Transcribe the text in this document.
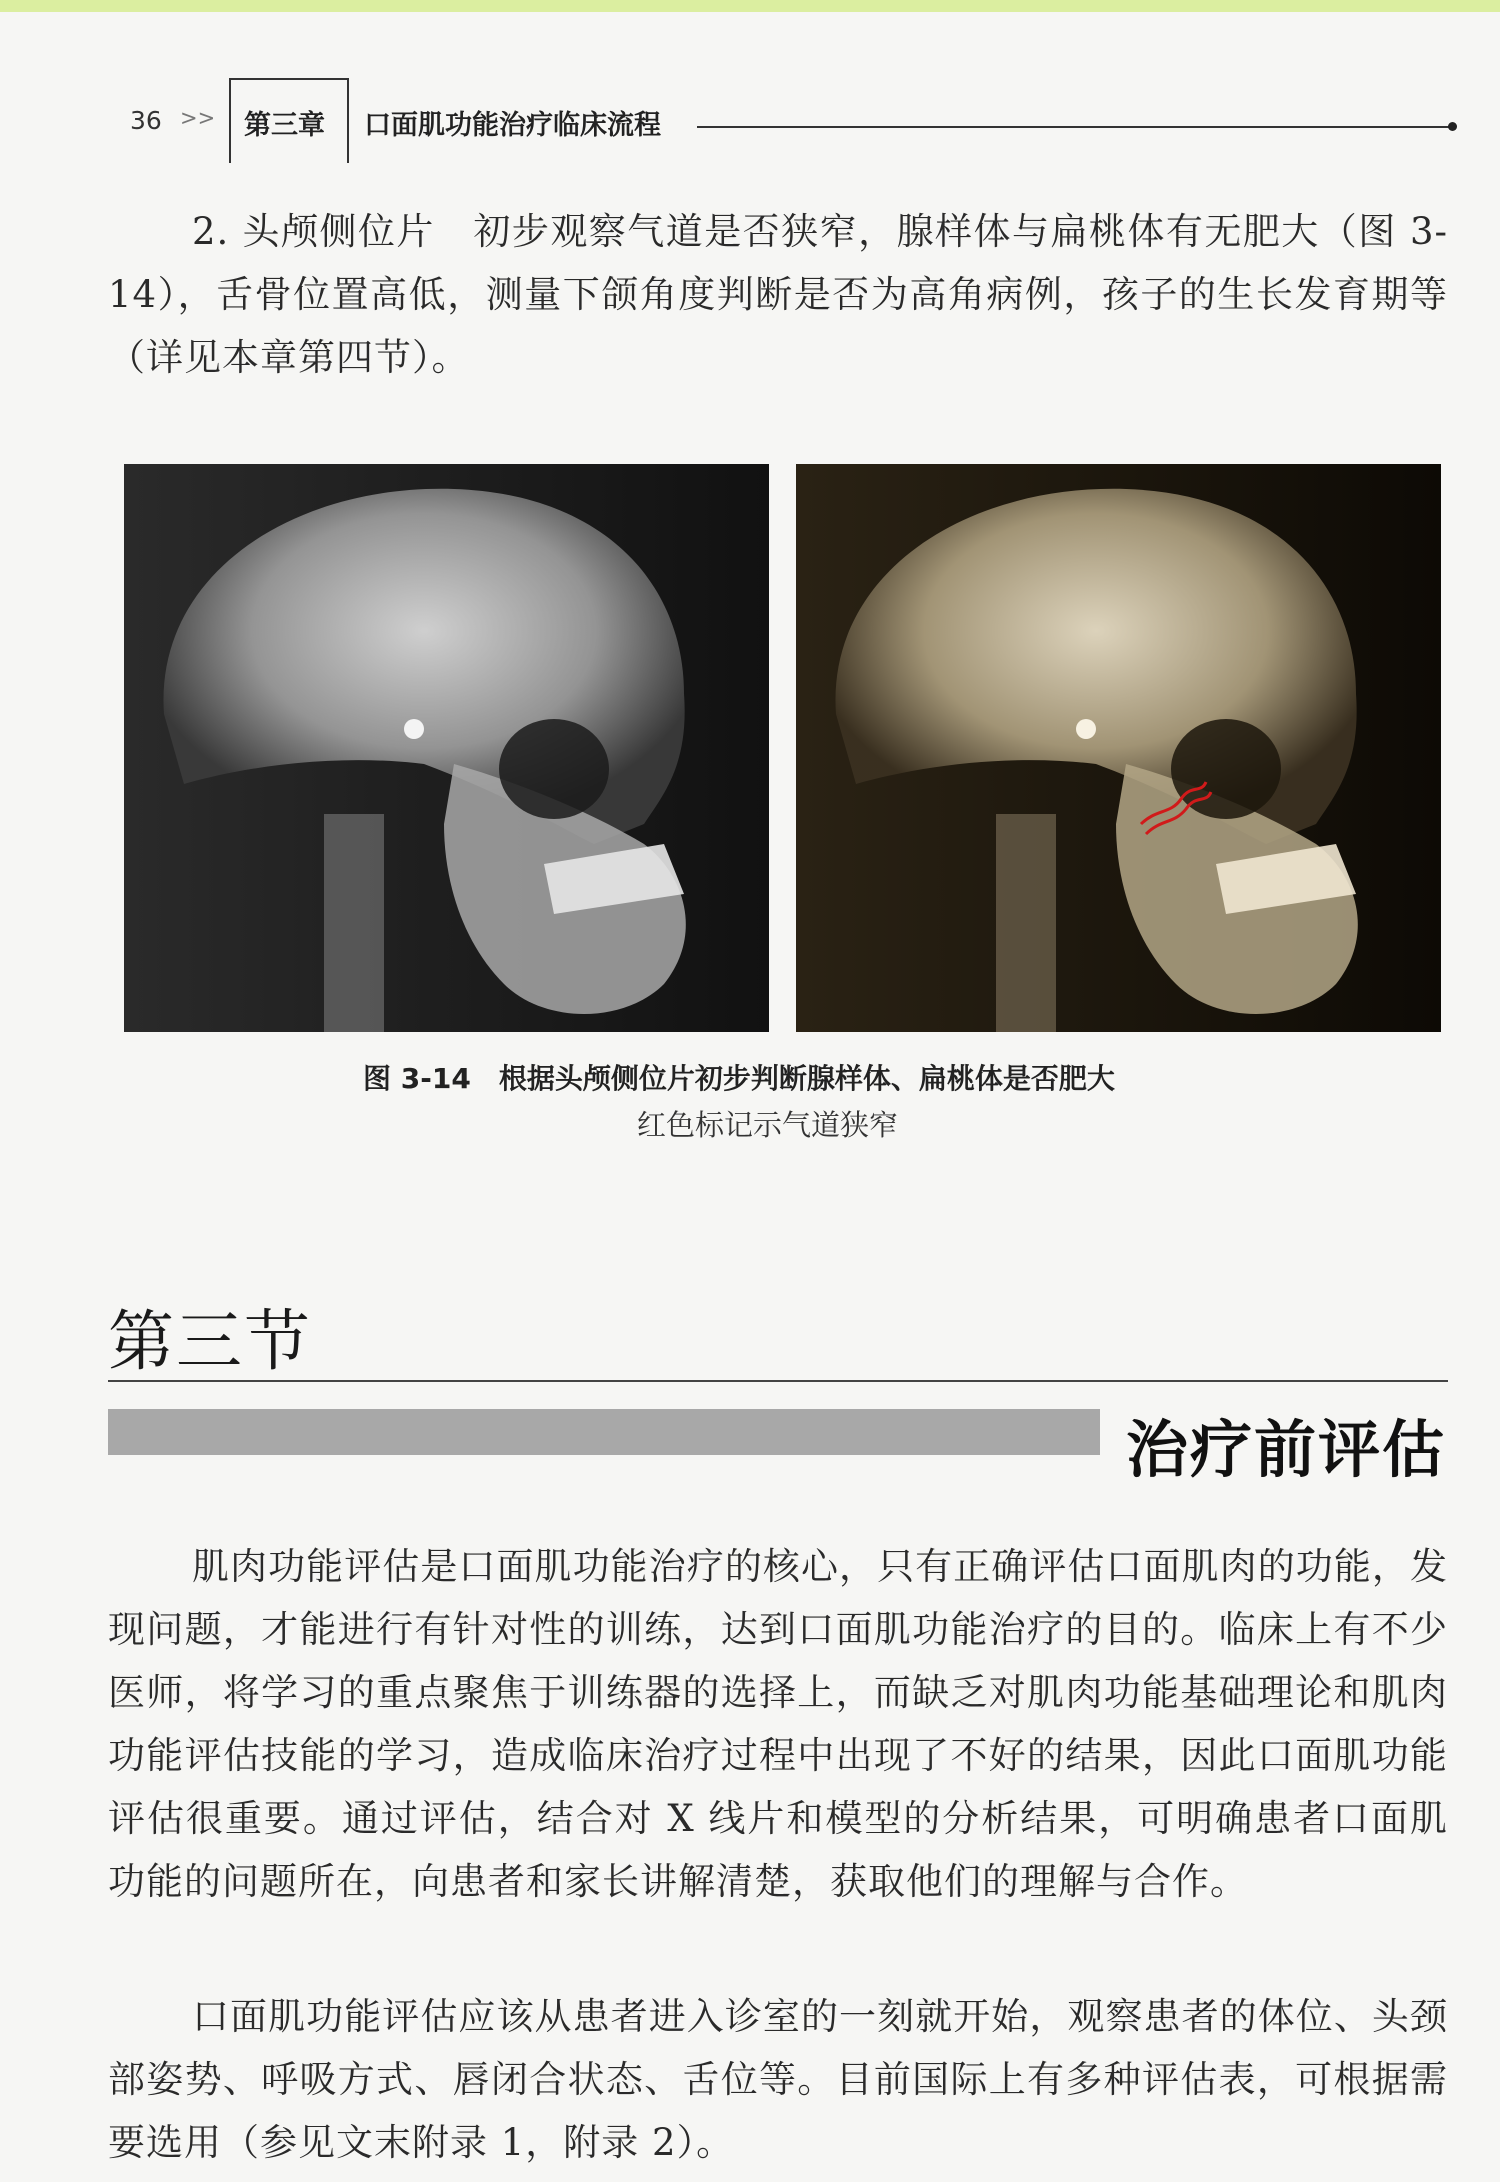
36 >> 第三章 口面肌功能治疗临床流程

2. 头颅侧位片　初步观察气道是否狭窄，腺样体与扁桃体有无肥大（图 3-14），舌骨位置高低，测量下颌角度判断是否为高角病例，孩子的生长发育期等（详见本章第四节）。

图 3-14　根据头颅侧位片初步判断腺样体、扁桃体是否肥大
红色标记示气道狭窄
第三节
治疗前评估

肌肉功能评估是口面肌功能治疗的核心，只有正确评估口面肌肉的功能，发现问题，才能进行有针对性的训练，达到口面肌功能治疗的目的。临床上有不少医师，将学习的重点聚焦于训练器的选择上，而缺乏对肌肉功能基础理论和肌肉功能评估技能的学习，造成临床治疗过程中出现了不好的结果，因此口面肌功能评估很重要。通过评估，结合对 X 线片和模型的分析结果，可明确患者口面肌功能的问题所在，向患者和家长讲解清楚，获取他们的理解与合作。

口面肌功能评估应该从患者进入诊室的一刻就开始，观察患者的体位、头颈部姿势、呼吸方式、唇闭合状态、舌位等。目前国际上有多种评估表，可根据需要选用（参见文末附录 1，附录 2）。
